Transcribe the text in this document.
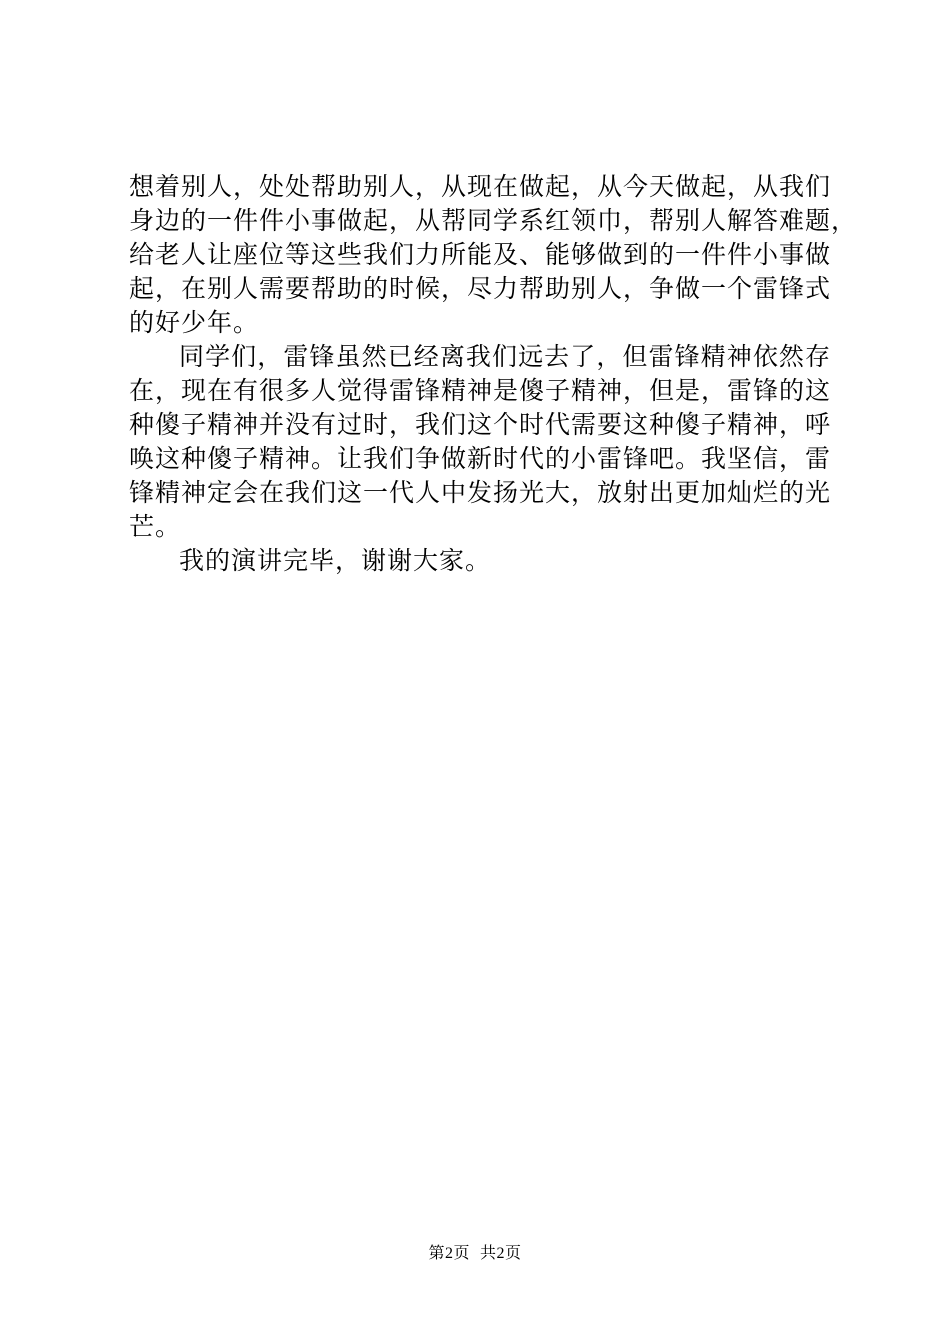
想着别人，处处帮助别人，从现在做起，从今天做起，从我们
身边的一件件小事做起，从帮同学系红领巾，帮别人解答难题，
给老人让座位等这些我们力所能及、能够做到的一件件小事做
起，在别人需要帮助的时候，尽力帮助别人，争做一个雷锋式
的好少年。
同学们，雷锋虽然已经离我们远去了，但雷锋精神依然存
在，现在有很多人觉得雷锋精神是傻子精神，但是，雷锋的这
种傻子精神并没有过时，我们这个时代需要这种傻子精神，呼
唤这种傻子精神。让我们争做新时代的小雷锋吧。我坚信，雷
锋精神定会在我们这一代人中发扬光大，放射出更加灿烂的光
芒。
我的演讲完毕，谢谢大家。
第2页 共2页
